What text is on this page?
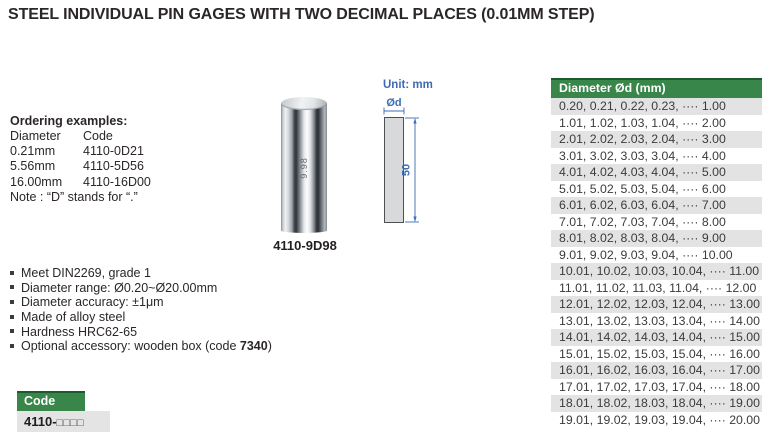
STEEL INDIVIDUAL PIN GAGES WITH TWO DECIMAL PLACES (0.01MM STEP)
Ordering examples:
Diameter	Code
0.21mm	4110-0D21
5.56mm	4110-5D56
16.00mm	4110-16D00
Note : “D” stands for “.”
9.98
4110-9D98
Unit: mm
Ød
50
Meet DIN2269, grade 1
Diameter range: Ø0.20~Ø20.00mm
Diameter accuracy: ±1μm
Made of alloy steel
Hardness HRC62-65
Optional accessory: wooden box (code 7340)
Code
4110-□□□□
Diameter Ød (mm)
0.20, 0.21, 0.22, 0.23, ···· 1.00
1.01, 1.02, 1.03, 1.04, ···· 2.00
2.01, 2.02, 2.03, 2.04, ···· 3.00
3.01, 3.02, 3.03, 3.04, ···· 4.00
4.01, 4.02, 4.03, 4.04, ···· 5.00
5.01, 5.02, 5.03, 5.04, ···· 6.00
6.01, 6.02, 6.03, 6.04, ···· 7.00
7.01, 7.02, 7.03, 7.04, ···· 8.00
8.01, 8.02, 8.03, 8.04, ···· 9.00
9.01, 9.02, 9.03, 9.04, ···· 10.00
10.01, 10.02, 10.03, 10.04, ···· 11.00
11.01, 11.02, 11.03, 11.04, ···· 12.00
12.01, 12.02, 12.03, 12.04, ···· 13.00
13.01, 13.02, 13.03, 13.04, ···· 14.00
14.01, 14.02, 14.03, 14.04, ···· 15.00
15.01, 15.02, 15.03, 15.04, ···· 16.00
16.01, 16.02, 16.03, 16.04, ···· 17.00
17.01, 17.02, 17.03, 17.04, ···· 18.00
18.01, 18.02, 18.03, 18.04, ···· 19.00
19.01, 19.02, 19.03, 19.04, ···· 20.00
